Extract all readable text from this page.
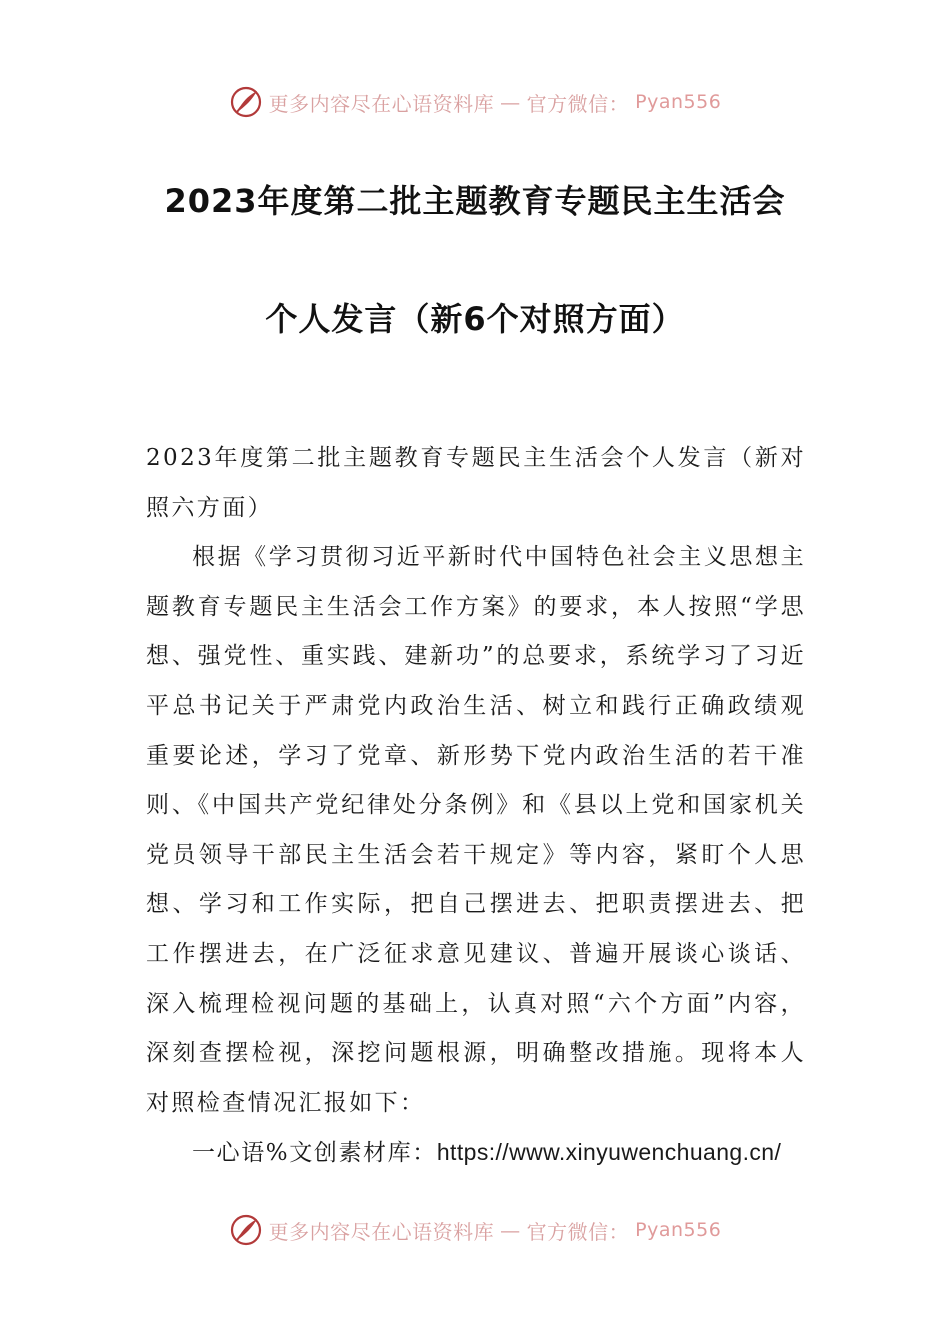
更多内容尽在心语资料库 — 官方微信： Pyan556
2023年度第二批主题教育专题民主生活会
个人发言（新6个对照方面）

2023年度第二批主题教育专题民主生活会个人发言（新对照六方面）

根据《学习贯彻习近平新时代中国特色社会主义思想主题教育专题民主生活会工作方案》的要求，本人按照“学思想、强党性、重实践、建新功”的总要求，系统学习了习近平总书记关于严肃党内政治生活、树立和践行正确政绩观重要论述，学习了党章、新形势下党内政治生活的若干准则、《中国共产党纪律处分条例》和《县以上党和国家机关党员领导干部民主生活会若干规定》等内容，紧盯个人思想、学习和工作实际，把自己摆进去、把职责摆进去、把工作摆进去，在广泛征求意见建议、普遍开展谈心谈话、深入梳理检视问题的基础上，认真对照“六个方面”内容，深刻查摆检视，深挖问题根源，明确整改措施。现将本人对照检查情况汇报如下：

一心语%文创素材库：https://www.xinyuwenchuang.cn/

更多内容尽在心语资料库 — 官方微信： Pyan556
